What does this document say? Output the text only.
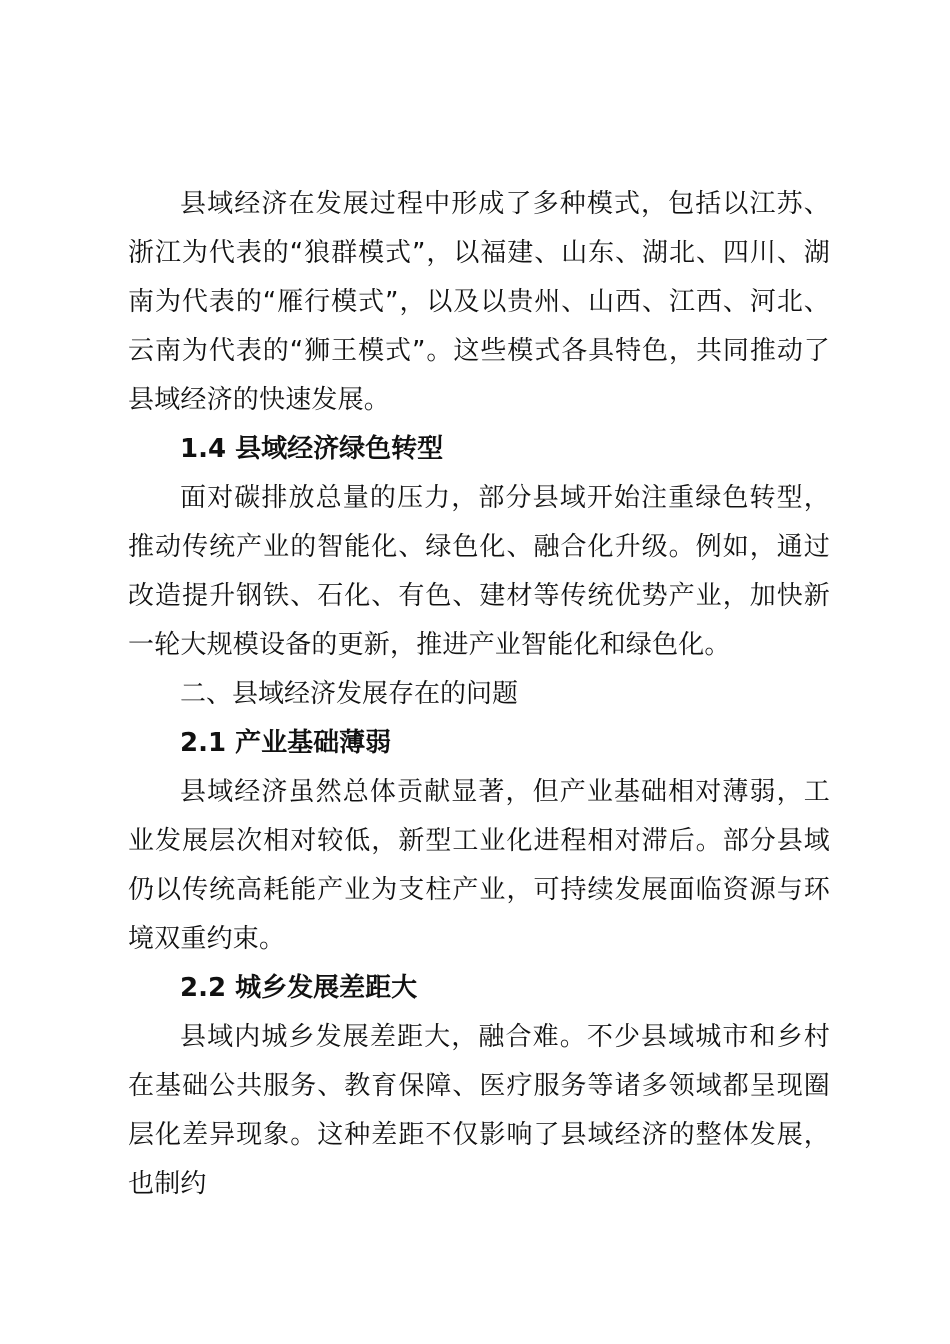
县域经济在发展过程中形成了多种模式，包括以江苏、浙江为代表的“狼群模式”，以福建、山东、湖北、四川、湖南为代表的“雁行模式”，以及以贵州、山西、江西、河北、云南为代表的“狮王模式”。这些模式各具特色，共同推动了县域经济的快速发展。

1.4 县域经济绿色转型

面对碳排放总量的压力，部分县域开始注重绿色转型，推动传统产业的智能化、绿色化、融合化升级。例如，通过改造提升钢铁、石化、有色、建材等传统优势产业，加快新一轮大规模设备的更新，推进产业智能化和绿色化。

二、县域经济发展存在的问题

2.1 产业基础薄弱

县域经济虽然总体贡献显著，但产业基础相对薄弱，工业发展层次相对较低，新型工业化进程相对滞后。部分县域仍以传统高耗能产业为支柱产业，可持续发展面临资源与环境双重约束。

2.2 城乡发展差距大

县域内城乡发展差距大，融合难。不少县域城市和乡村在基础公共服务、教育保障、医疗服务等诸多领域都呈现圈层化差异现象。这种差距不仅影响了县域经济的整体发展，也制约
